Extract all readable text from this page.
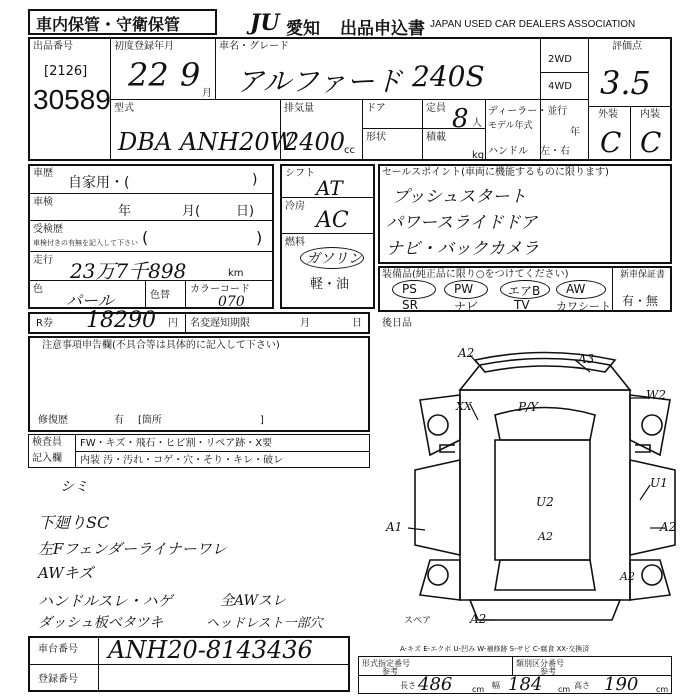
車内保管・守衛保管	JU 愛知 出品申込書 JAPAN USED CAR DEALERS ASSOCIATION
出品番号
[2126]
30589
初度登録年月
22 9 月
車名・グレード
アルファード 240S
2WD
4WD
評価点
3.5
外装 内装
C C
型式
DBA ANH20W
排気量
2400
cc
ドア
形状
定員 8 人
積載
kg
ディーラー・並行
モデル年式
年
ハンドル 左・右
車歴
自家用・(	)
車検
年	月(	日)
受検歴
車検付きの有無を記入して下さい (	)
走行 23万7千898	km
色
パール	色替
カラーコード
070
シフト
AT
冷房
AC
燃料
ガソリン
軽・油
セールスポイント(車両に機能するものに限ります)
プッシュスタート
パワースライドドア
ナビ・バックカメラ
装備品(純正品に限り○をつけてください)
PS	PW	エアB AW
SR	ナビ	TV カワシート
新車保証書
有・無
R券 18290 円 名変遅知期限	月	日 後日品
注意事項申告欄(不具合等は具体的に記入して下さい)
修復歴	有 [箇所	]
検査員
記入欄
FW・キズ・飛石・ヒビ割・リペア跡・X要
内装 汚・汚れ・コゲ・穴・そり・キレ・破レ
シミ
下廻りSC
左Fフェンダーライナーワレ
AWキズ
ハンドルスレ・ハゲ
ダッシュ板ベタツキ
全AWスレ
ヘッドレスト一部穴
車台番号 ANH20-8143436
登録番号
形式指定番号
参考
類別区分番号
参考
長さ 486 cm 幅 184 cm 高さ 190 cm
A2	A3
XX	P/Y
W2
U1
A1
U2
A2
A2
A2
A2
スペア
A-キズ E-エクボ U-凹み W-補修跡 S-サビ C-腐食 XX-交換済
